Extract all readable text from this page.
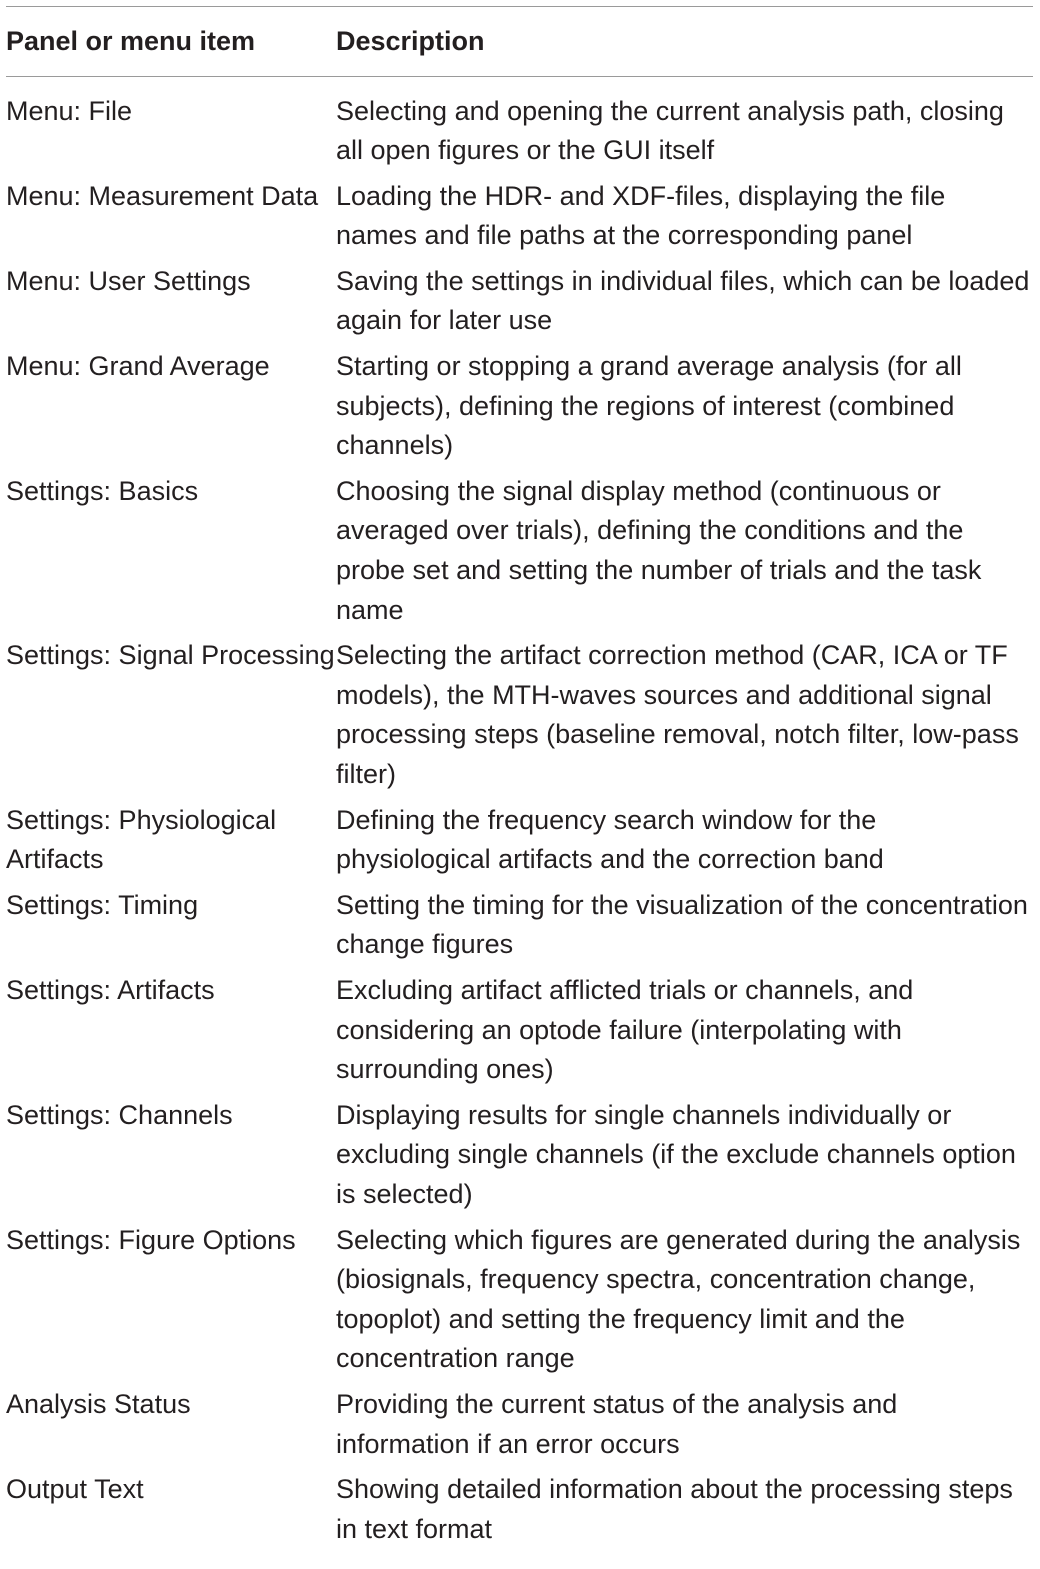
Panel or menu item	Description
Menu: File	Selecting and opening the current analysis path, closing all open figures or the GUI itself
Menu: Measurement Data	Loading the HDR- and XDF-files, displaying the file names and file paths at the corresponding panel
Menu: User Settings	Saving the settings in individual files, which can be loaded again for later use
Menu: Grand Average	Starting or stopping a grand average analysis (for all subjects), defining the regions of interest (combined channels)
Settings: Basics	Choosing the signal display method (continuous or averaged over trials), defining the conditions and the probe set and setting the number of trials and the task name
Settings: Signal Processing	Selecting the artifact correction method (CAR, ICA or TF models), the MTH-waves sources and additional signal processing steps (baseline removal, notch filter, low-pass filter)
Settings: Physiological Artifacts	Defining the frequency search window for the physiological artifacts and the correction band
Settings: Timing	Setting the timing for the visualization of the concentration change figures
Settings: Artifacts	Excluding artifact afflicted trials or channels, and considering an optode failure (interpolating with surrounding ones)
Settings: Channels	Displaying results for single channels individually or excluding single channels (if the exclude channels option is selected)
Settings: Figure Options	Selecting which figures are generated during the analysis (biosignals, frequency spectra, concentration change, topoplot) and setting the frequency limit and the concentration range
Analysis Status	Providing the current status of the analysis and information if an error occurs
Output Text	Showing detailed information about the processing steps in text format
